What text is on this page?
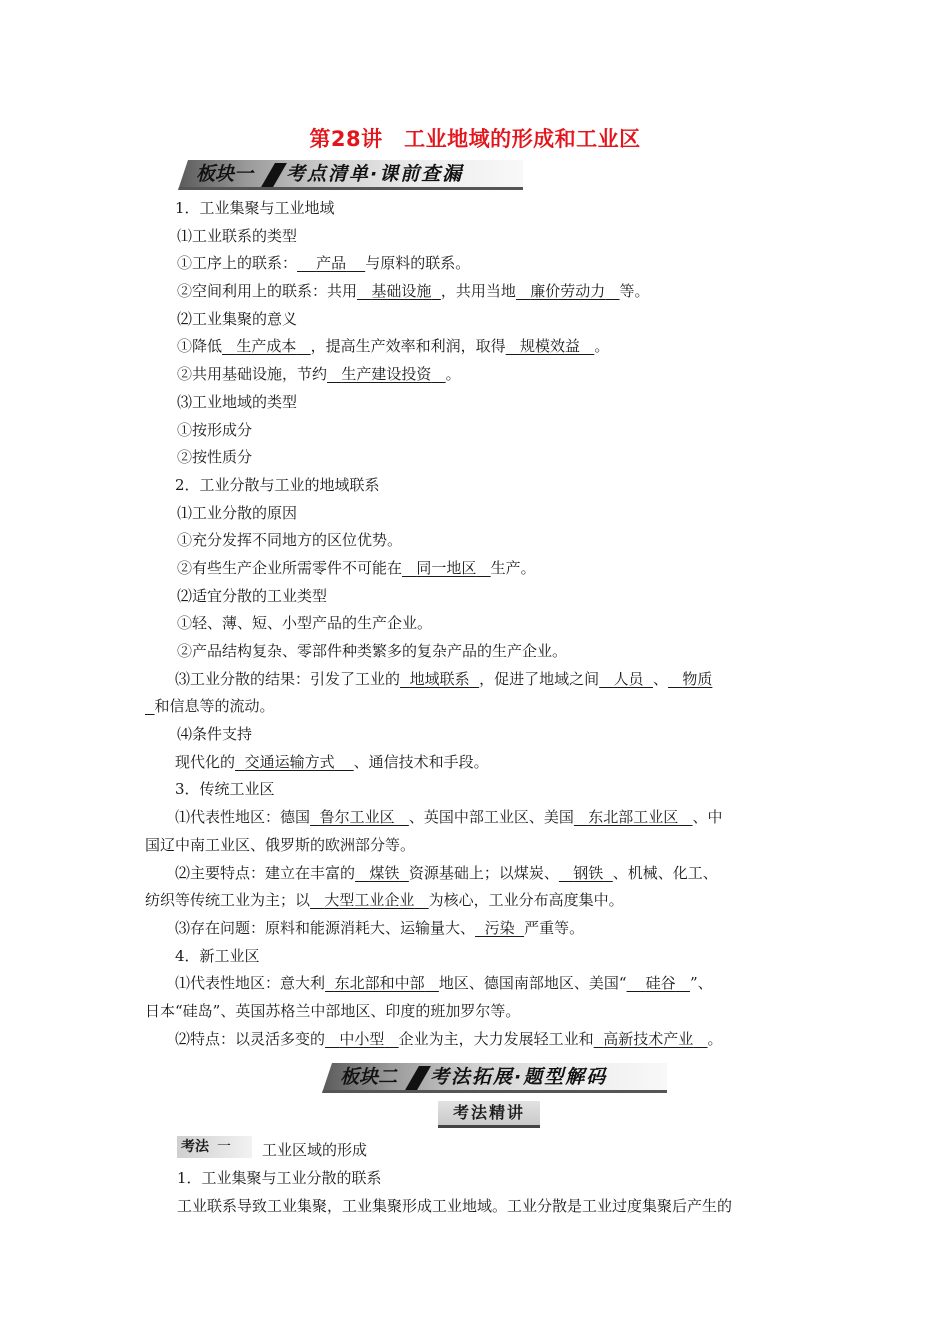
第28讲　工业地域的形成和工业区
板块一 考点清单·课前查漏
1．工业集聚与工业地域
⑴工业联系的类型
①工序上的联系： 产品 与原料的联系。
②空间利用上的联系：共用 基础设施 ，共用当地 廉价劳动力 等。
⑵工业集聚的意义
①降低 生产成本 ，提高生产效率和利润，取得 规模效益 。
②共用基础设施，节约 生产建设投资 。
⑶工业地域的类型
①按形成分
②按性质分
2．工业分散与工业的地域联系
⑴工业分散的原因
①充分发挥不同地方的区位优势。
②有些生产企业所需零件不可能在 同一地区 生产。
⑵适宜分散的工业类型
①轻、薄、短、小型产品的生产企业。
②产品结构复杂、零部件种类繁多的复杂产品的生产企业。
⑶工业分散的结果：引发了工业的 地域联系 ，促进了地域之间 人员 、 物质
和信息等的流动。
⑷条件支持
现代化的 交通运输方式 、通信技术和手段。
3．传统工业区
⑴代表性地区：德国 鲁尔工业区 、英国中部工业区、美国 东北部工业区 、中
国辽中南工业区、俄罗斯的欧洲部分等。
⑵主要特点：建立在丰富的 煤铁 资源基础上；以煤炭、 钢铁 、机械、化工、
纺织等传统工业为主；以 大型工业企业 为核心，工业分布高度集中。
⑶存在问题：原料和能源消耗大、运输量大、 污染 严重等。
4．新工业区
⑴代表性地区：意大利 东北部和中部 地区、德国南部地区、美国“ 硅谷 ”、
日本“硅岛”、英国苏格兰中部地区、印度的班加罗尔等。
⑵特点：以灵活多变的 中小型 企业为主，大力发展轻工业和 高新技术产业 。
板块二 考法拓展·题型解码
考法精讲
考法 一	工业区域的形成
1．工业集聚与工业分散的联系
工业联系导致工业集聚，工业集聚形成工业地域。工业分散是工业过度集聚后产生的
